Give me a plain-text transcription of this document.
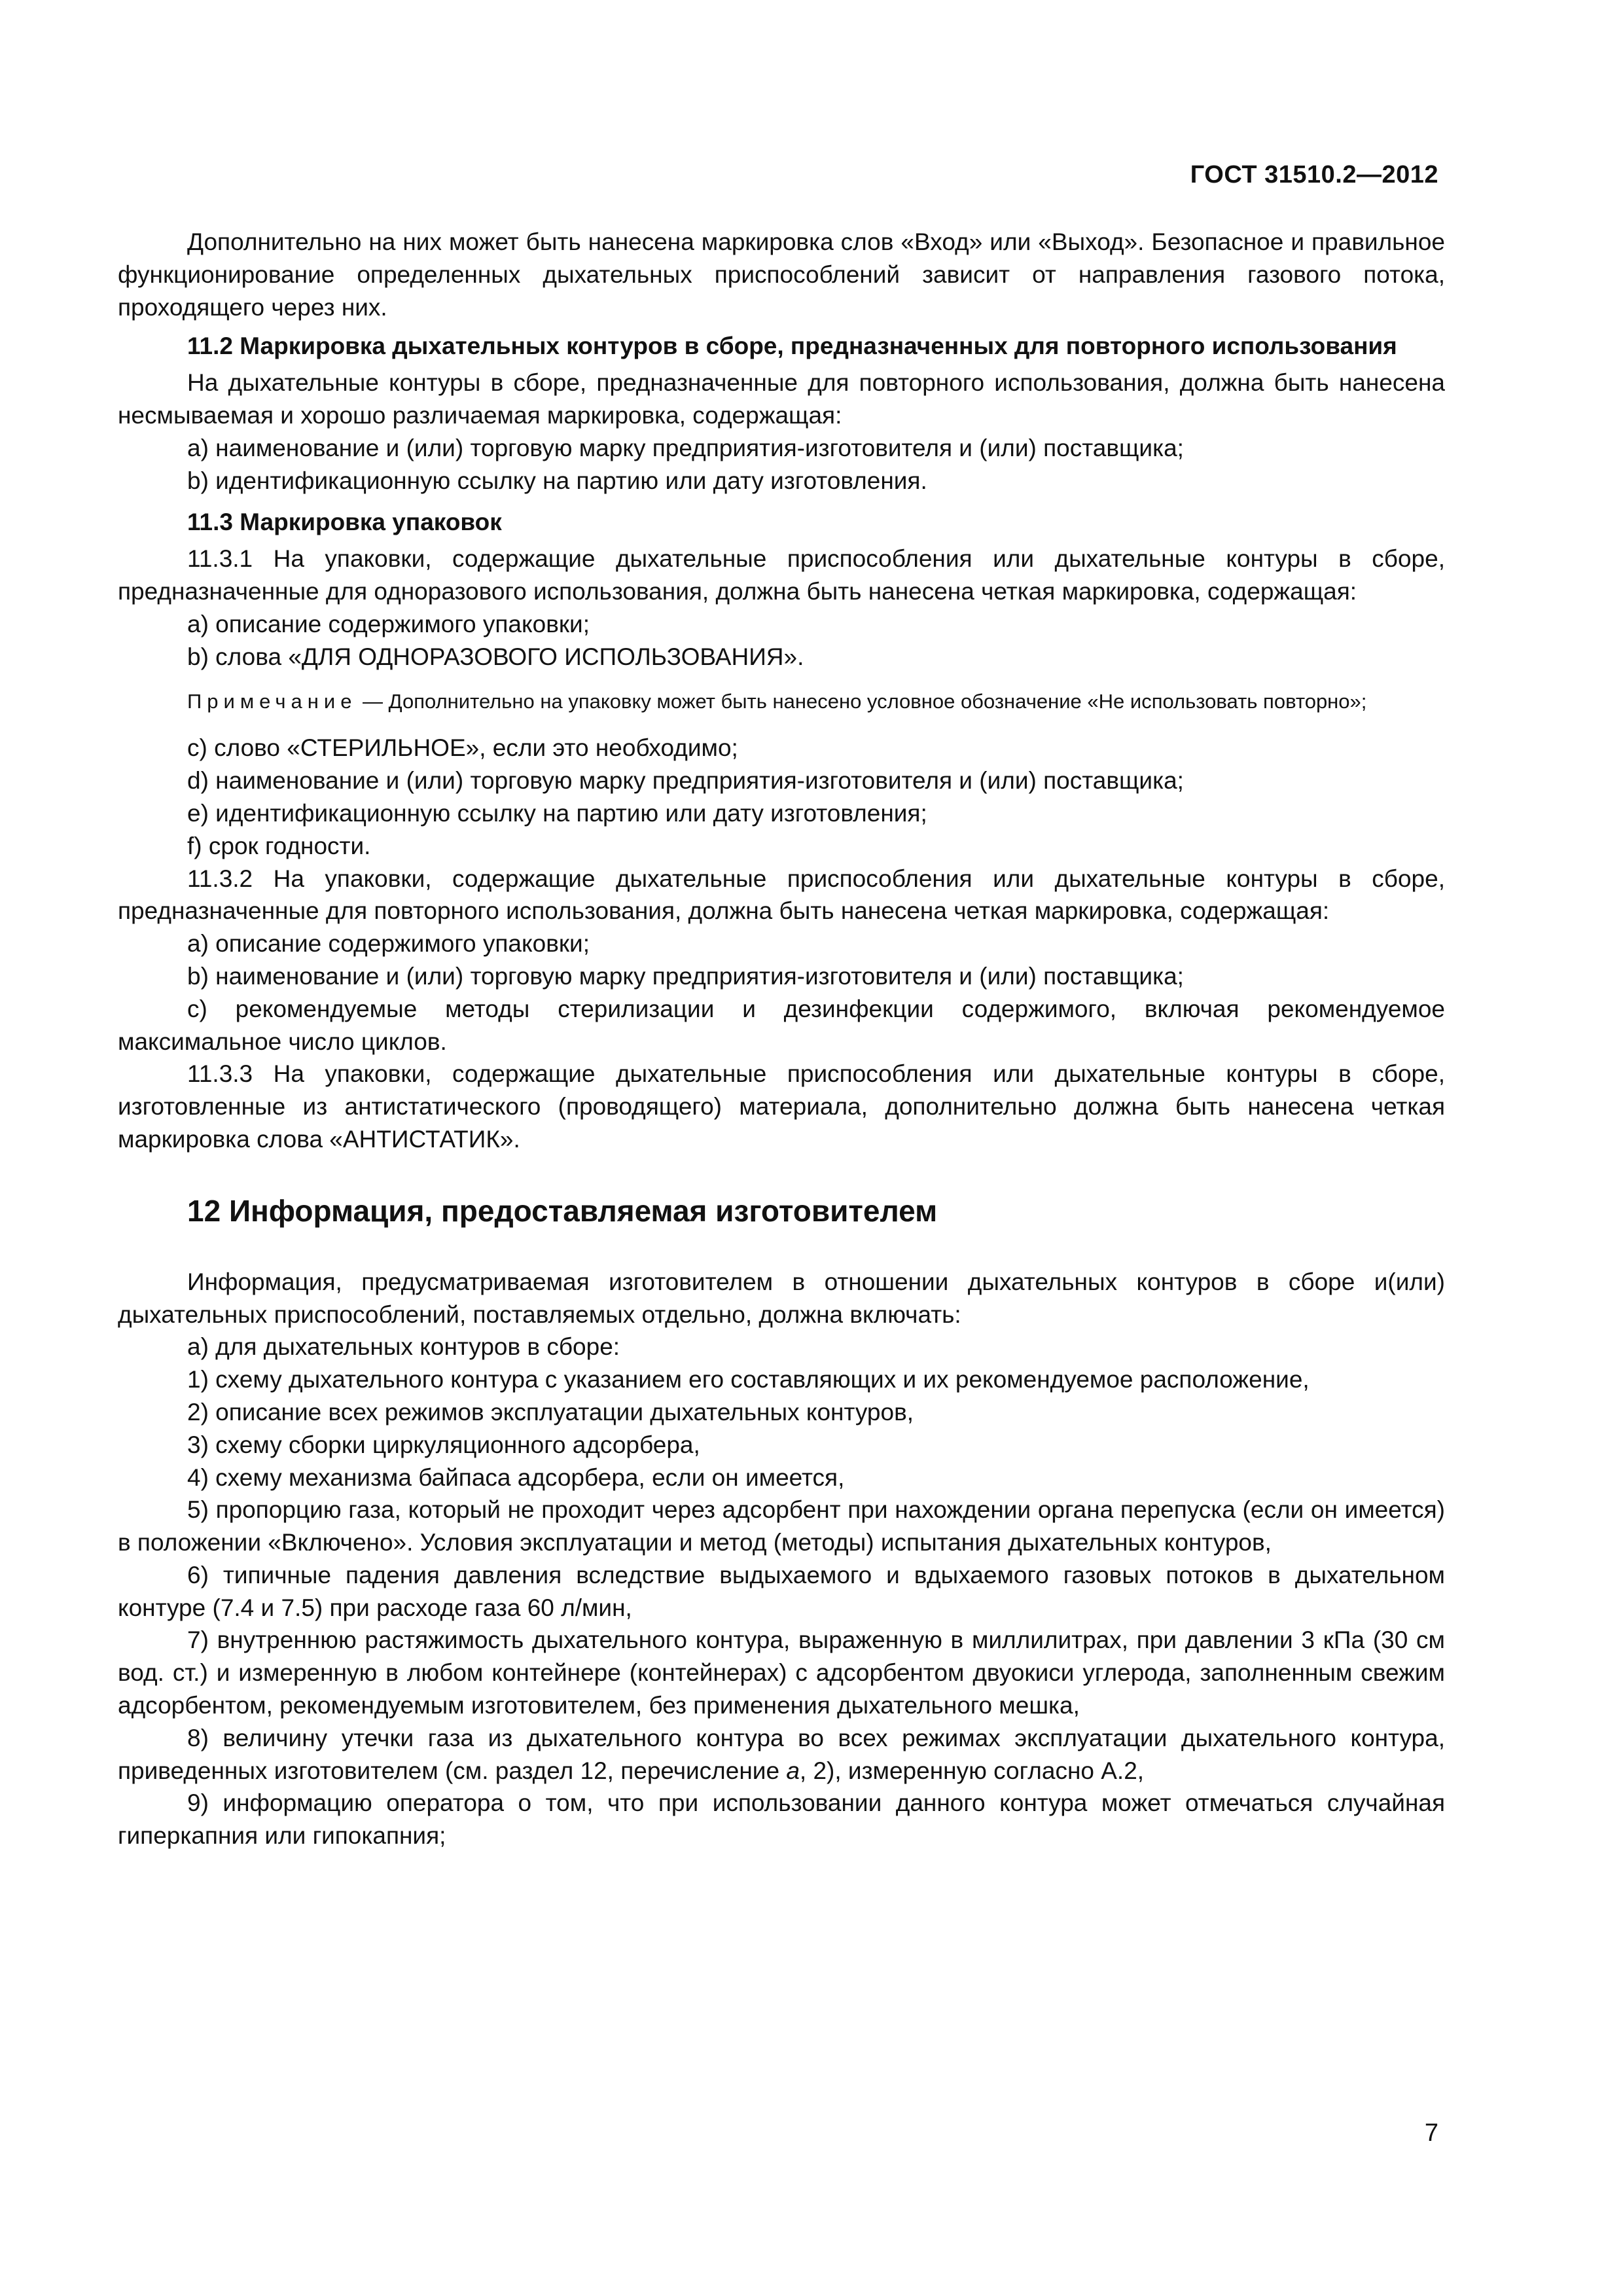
ГОСТ 31510.2—2012

Дополнительно на них может быть нанесена маркировка слов «Вход» или «Выход». Безопасное и правильное функционирование определенных дыхательных приспособлений зависит от направления газового потока, проходящего через них.

11.2 Маркировка дыхательных контуров в сборе, предназначенных для повторного использования

На дыхательные контуры в сборе, предназначенные для повторного использования, должна быть нанесена несмываемая и хорошо различаемая маркировка, содержащая:

a) наименование и (или) торговую марку предприятия-изготовителя и (или) поставщика;

b) идентификационную ссылку на партию или дату изготовления.

11.3 Маркировка упаковок

11.3.1 На упаковки, содержащие дыхательные приспособления или дыхательные контуры в сборе, предназначенные для одноразового использования, должна быть нанесена четкая маркировка, содержащая:

a) описание содержимого упаковки;

b) слова «ДЛЯ ОДНОРАЗОВОГО ИСПОЛЬЗОВАНИЯ».

Примечание — Дополнительно на упаковку может быть нанесено условное обозначение «Не использовать повторно»;

c) слово «СТЕРИЛЬНОЕ», если это необходимо;

d) наименование и (или) торговую марку предприятия-изготовителя и (или) поставщика;

e) идентификационную ссылку на партию или дату изготовления;

f) срок годности.

11.3.2 На упаковки, содержащие дыхательные приспособления или дыхательные контуры в сборе, предназначенные для повторного использования, должна быть нанесена четкая маркировка, содержащая:

a) описание содержимого упаковки;

b) наименование и (или) торговую марку предприятия-изготовителя и (или) поставщика;

c) рекомендуемые методы стерилизации и дезинфекции содержимого, включая рекомендуемое максимальное число циклов.

11.3.3 На упаковки, содержащие дыхательные приспособления или дыхательные контуры в сборе, изготовленные из антистатического (проводящего) материала, дополнительно должна быть нанесена четкая маркировка слова «АНТИСТАТИК».

12 Информация, предоставляемая изготовителем

Информация, предусматриваемая изготовителем в отношении дыхательных контуров в сборе и(или) дыхательных приспособлений, поставляемых отдельно, должна включать:

a) для дыхательных контуров в сборе:

1) схему дыхательного контура с указанием его составляющих и их рекомендуемое расположение,

2) описание всех режимов эксплуатации дыхательных контуров,

3) схему сборки циркуляционного адсорбера,

4) схему механизма байпаса адсорбера, если он имеется,

5) пропорцию газа, который не проходит через адсорбент при нахождении органа перепуска (если он имеется) в положении «Включено». Условия эксплуатации и метод (методы) испытания дыхательных контуров,

6) типичные падения давления вследствие выдыхаемого и вдыхаемого газовых потоков в дыхательном контуре (7.4 и 7.5) при расходе газа 60 л/мин,

7) внутреннюю растяжимость дыхательного контура, выраженную в миллилитрах, при давлении 3 кПа (30 см вод. ст.) и измеренную в любом контейнере (контейнерах) с адсорбентом двуокиси углерода, заполненным свежим адсорбентом, рекомендуемым изготовителем, без применения дыхательного мешка,

8) величину утечки газа из дыхательного контура во всех режимах эксплуатации дыхательного контура, приведенных изготовителем (см. раздел 12, перечисление а, 2), измеренную согласно А.2,

9) информацию оператора о том, что при использовании данного контура может отмечаться случайная гиперкапния или гипокапния;

7
